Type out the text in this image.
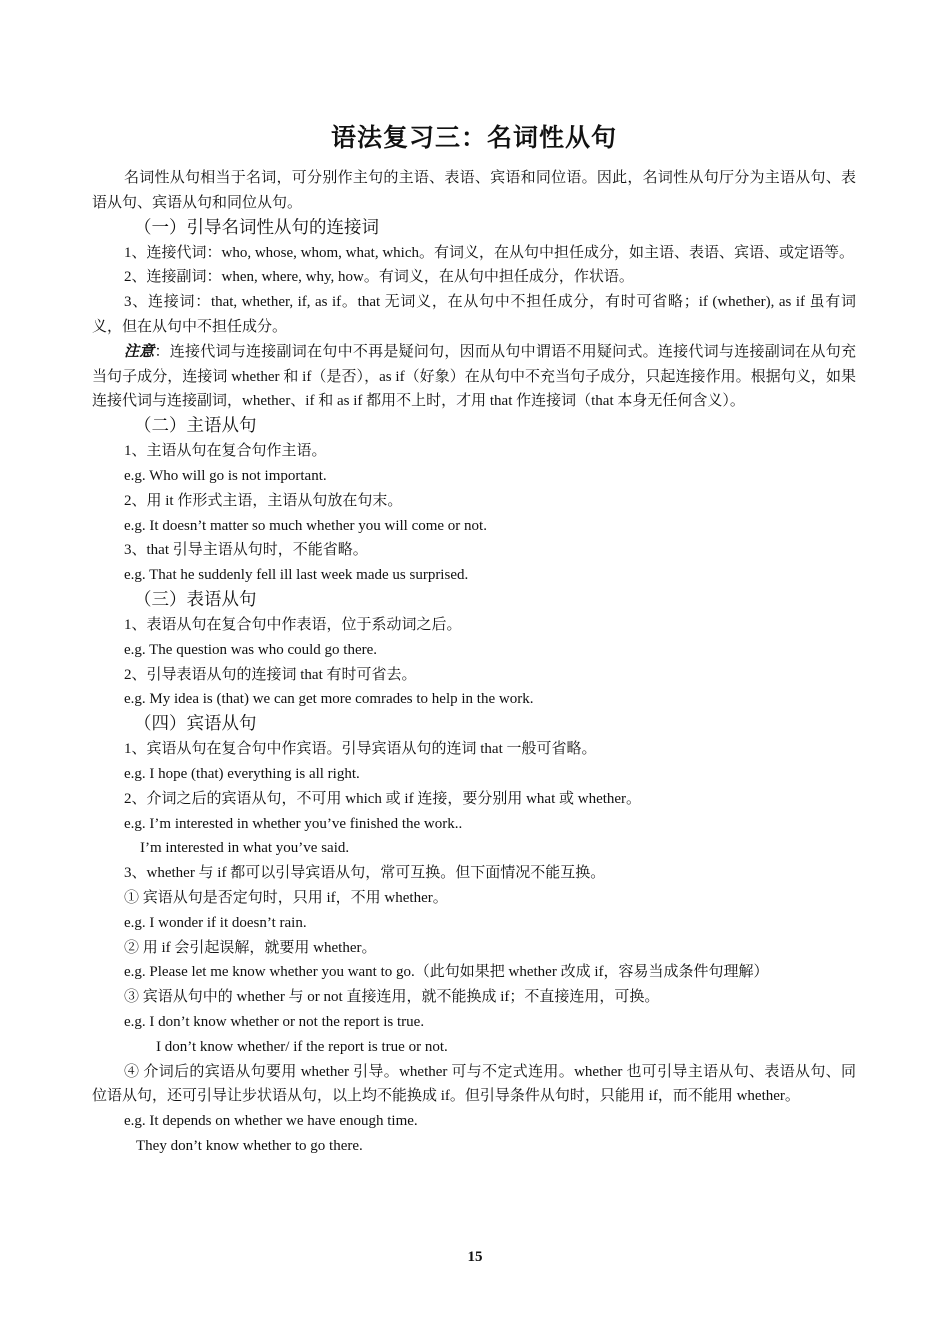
语法复习三：名词性从句

名词性从句相当于名词，可分别作主句的主语、表语、宾语和同位语。因此，名词性从句厅分为主语从句、表语从句、宾语从句和同位从句。

（一）引导名词性从句的连接词

1、连接代词：who, whose, whom, what, which。有词义，在从句中担任成分，如主语、表语、宾语、或定语等。

2、连接副词：when, where, why, how。有词义，在从句中担任成分，作状语。

3、连接词：that, whether, if, as if。that 无词义，在从句中不担任成分，有时可省略；if (whether), as if 虽有词义，但在从句中不担任成分。

注意：连接代词与连接副词在句中不再是疑问句，因而从句中谓语不用疑问式。连接代词与连接副词在从句充当句子成分，连接词 whether 和 if（是否），as if（好象）在从句中不充当句子成分，只起连接作用。根据句义，如果连接代词与连接副词，whether、if 和 as if 都用不上时，才用 that 作连接词（that 本身无任何含义）。

（二）主语从句

1、主语从句在复合句作主语。

e.g. Who will go is not important.

2、用 it 作形式主语，主语从句放在句末。

e.g. It doesn’t matter so much whether you will come or not.

3、that 引导主语从句时，不能省略。

e.g. That he suddenly fell ill last week made us surprised.

（三）表语从句

1、表语从句在复合句中作表语，位于系动词之后。

e.g. The question was who could go there.

2、引导表语从句的连接词 that 有时可省去。

e.g. My idea is (that) we can get more comrades to help in the work.

（四）宾语从句

1、宾语从句在复合句中作宾语。引导宾语从句的连词 that 一般可省略。

e.g. I hope (that) everything is all right.

2、介词之后的宾语从句，不可用 which 或 if 连接，要分别用 what 或 whether。

e.g. I’m interested in whether you’ve finished the work..

I’m interested in what you’ve said.

3、whether 与 if 都可以引导宾语从句，常可互换。但下面情况不能互换。

① 宾语从句是否定句时，只用 if，不用 whether。

e.g. I wonder if it doesn’t rain.

② 用 if 会引起误解，就要用 whether。

e.g. Please let me know whether you want to go.（此句如果把 whether 改成 if，容易当成条件句理解）

③ 宾语从句中的 whether 与 or not 直接连用，就不能换成 if；不直接连用，可换。

e.g. I don’t know whether or not the report is true.

I don’t know whether/ if the report is true or not.

④ 介词后的宾语从句要用 whether 引导。whether 可与不定式连用。whether 也可引导主语从句、表语从句、同位语从句，还可引导让步状语从句，以上均不能换成 if。但引导条件从句时，只能用 if，而不能用 whether。

e.g. It depends on whether we have enough time.

They don’t know whether to go there.

15
